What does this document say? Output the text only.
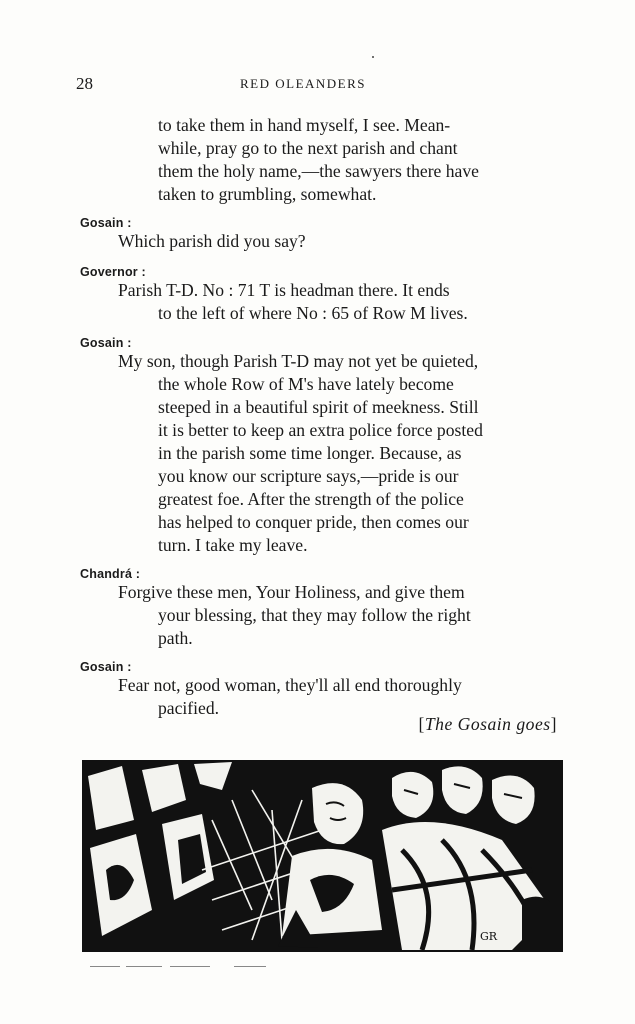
28	RED OLEANDERS
to take them in hand myself, I see. Mean-
while, pray go to the next parish and chant
them the holy name,—the sawyers there have
taken to grumbling, somewhat.
Gosain :
Which parish did you say?
Governor :
Parish T-D. No : 71 T is headman there. It ends
to the left of where No : 65 of Row M lives.
Gosain :
My son, though Parish T-D may not yet be quieted,
the whole Row of M's have lately become
steeped in a beautiful spirit of meekness. Still
it is better to keep an extra police force posted
in the parish some time longer. Because, as
you know our scripture says,—pride is our
greatest foe. After the strength of the police
has helped to conquer pride, then comes our
turn. I take my leave.
Chandrá :
Forgive these men, Your Holiness, and give them
your blessing, that they may follow the right
path.
Gosain :
Fear not, good woman, they'll all end thoroughly
pacified.
[The Gosain goes]
GR
